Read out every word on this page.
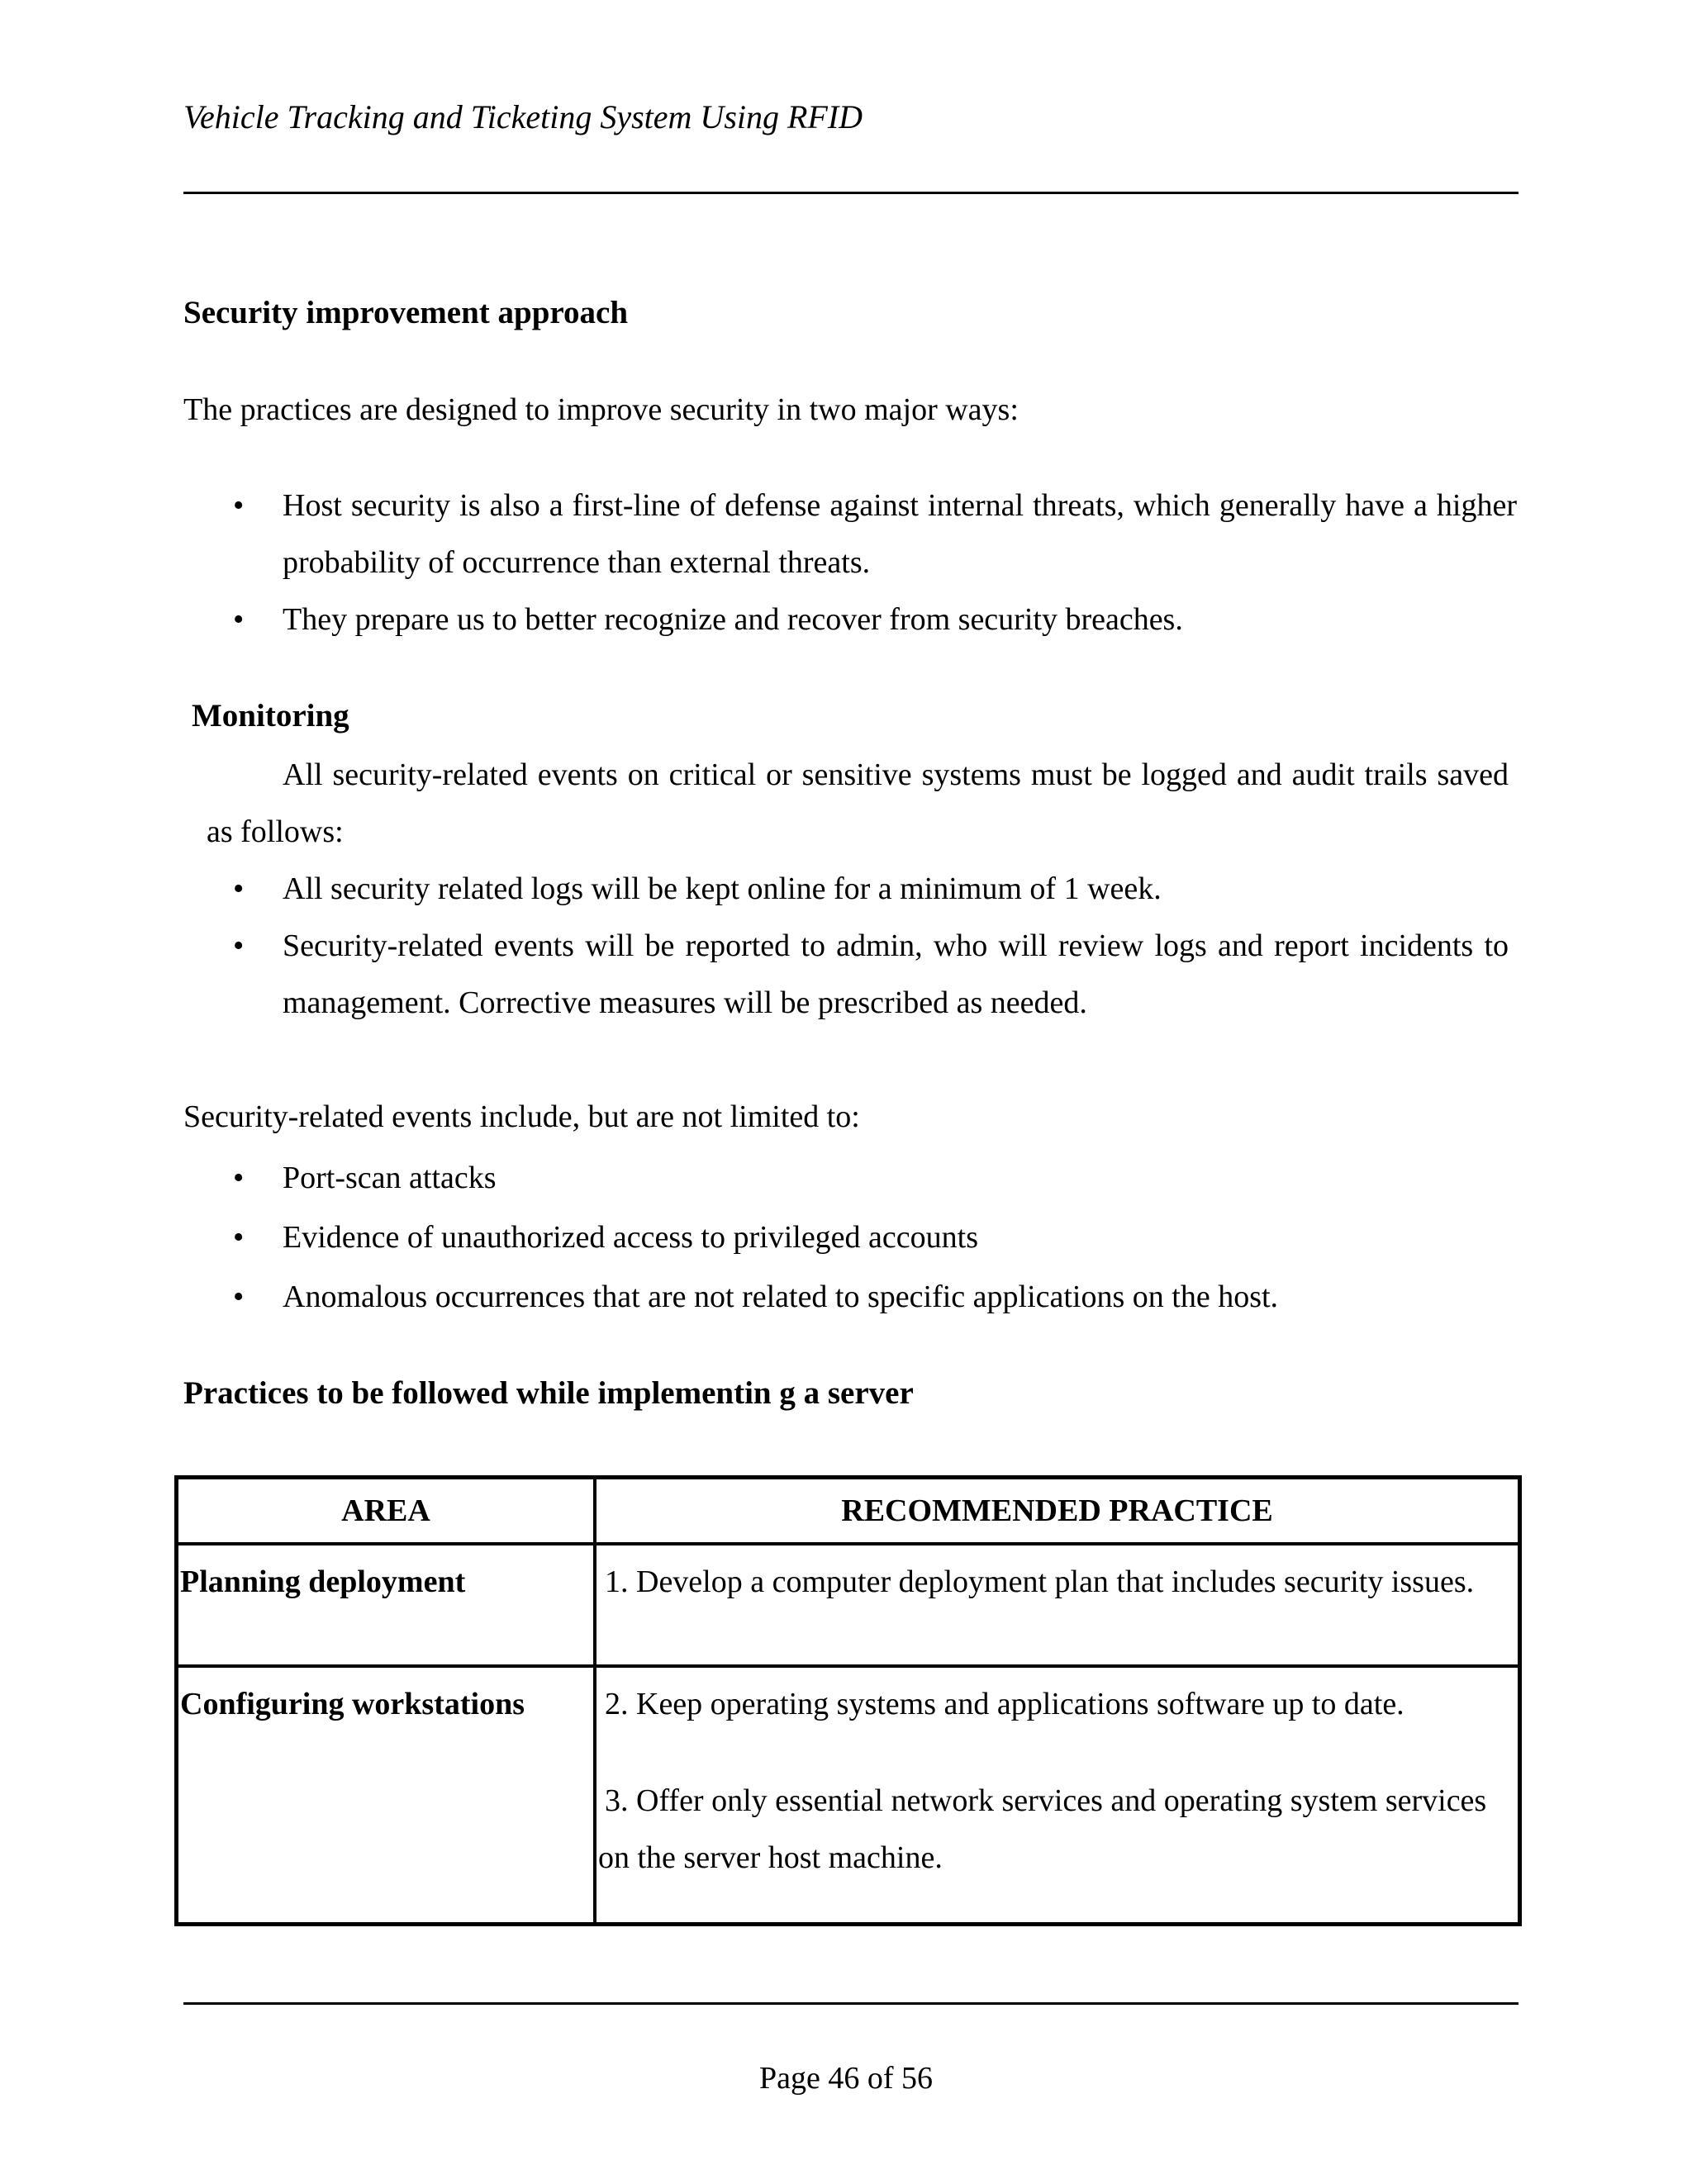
Vehicle Tracking and Ticketing System Using RFID
Security improvement approach
The practices are designed to improve security in two major ways:
• Host security is also a first-line of defense against internal threats, which generally have a higher probability of occurrence than external threats.
• They prepare us to better recognize and recover from security breaches.
Monitoring
All security-related events on critical or sensitive systems must be logged and audit trails saved as follows:
• All security related logs will be kept online for a minimum of 1 week.
• Security-related events will be reported to admin, who will review logs and report incidents to management. Corrective measures will be prescribed as needed.
Security-related events include, but are not limited to:
• Port-scan attacks
• Evidence of unauthorized access to privileged accounts
• Anomalous occurrences that are not related to specific applications on the host.
Practices to be followed while implementin g a server
AREA	RECOMMENDED PRACTICE
Planning deployment	1. Develop a computer deployment plan that includes security issues.

Configuring workstations	2. Keep operating systems and applications software up to date.

3. Offer only essential network services and operating system services on the server host machine.

Page 46 of 56
